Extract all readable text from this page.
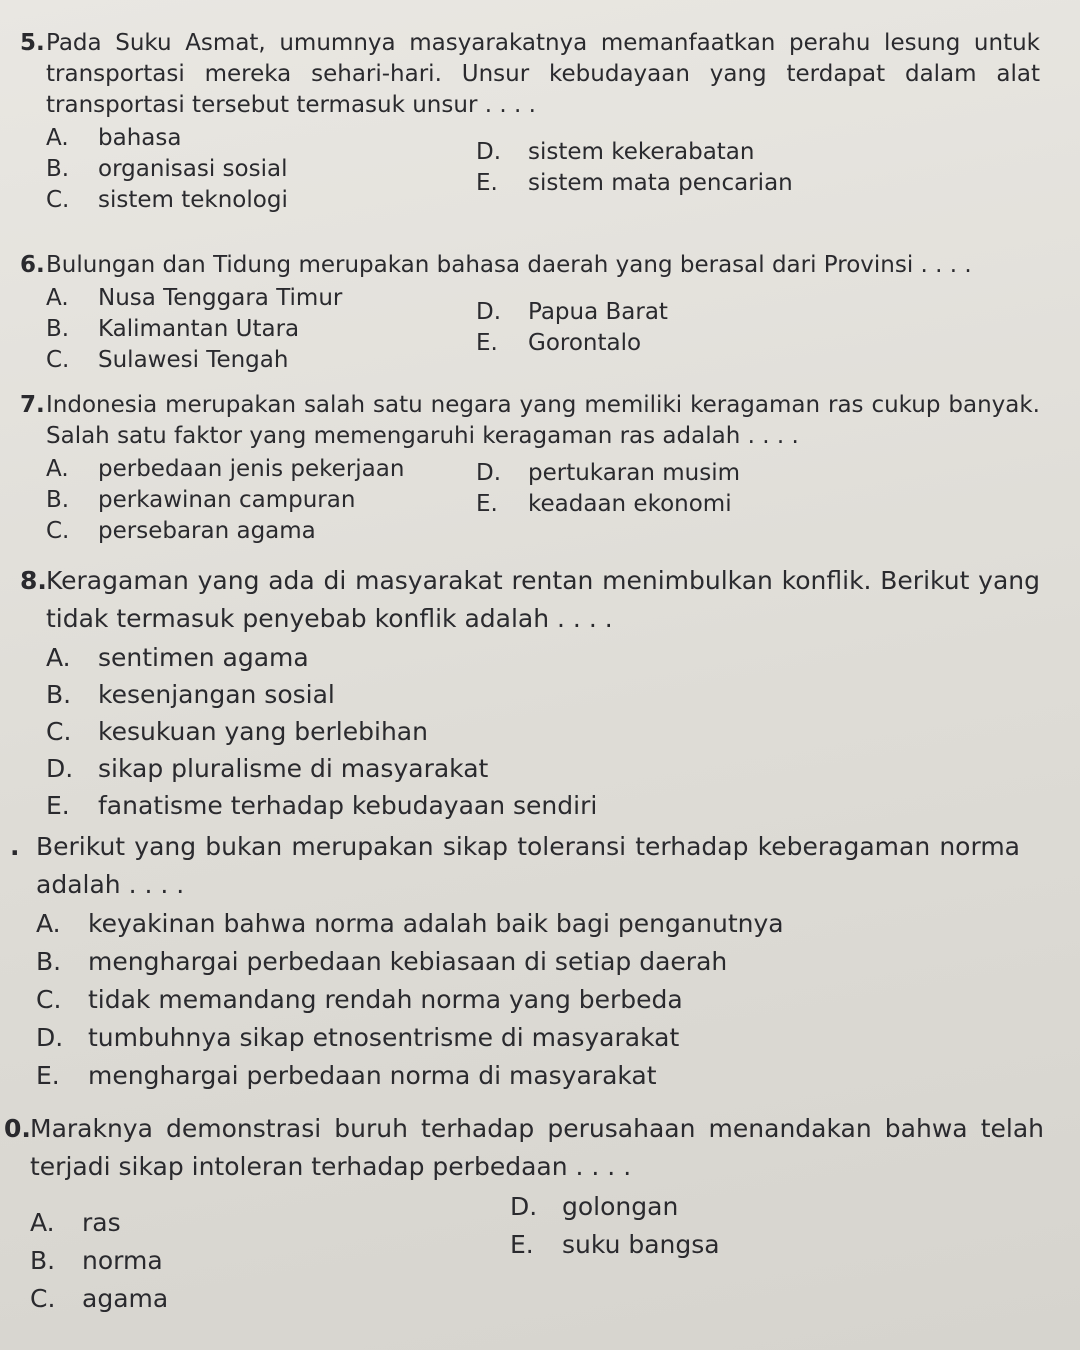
5. Pada Suku Asmat, umumnya masyarakatnya memanfaatkan perahu lesung untuk transportasi mereka sehari-hari. Unsur kebudayaan yang terdapat dalam alat transportasi tersebut termasuk unsur . . . .
A.	bahasa
B.	organisasi sosial
C.	sistem teknologi
D.	sistem kekerabatan
E.	sistem mata pencarian
6. Bulungan dan Tidung merupakan bahasa daerah yang berasal dari Provinsi . . . .
A.	Nusa Tenggara Timur
B.	Kalimantan Utara
C.	Sulawesi Tengah
D.	Papua Barat
E.	Gorontalo
7. Indonesia merupakan salah satu negara yang memiliki keragaman ras cukup banyak. Salah satu faktor yang memengaruhi keragaman ras adalah . . . .
A.	perbedaan jenis pekerjaan
B.	perkawinan campuran
C.	persebaran agama
D.	pertukaran musim
E.	keadaan ekonomi
8. Keragaman yang ada di masyarakat rentan menimbulkan konflik. Berikut yang tidak termasuk penyebab konflik adalah . . . .
A.	sentimen agama
B.	kesenjangan sosial
C.	kesukuan yang berlebihan
D. sikap pluralisme di masyarakat
E.	fanatisme terhadap kebudayaan sendiri
. Berikut yang bukan merupakan sikap toleransi terhadap keberagaman norma adalah . . . .
A.	keyakinan bahwa norma adalah baik bagi penganutnya
B.	menghargai perbedaan kebiasaan di setiap daerah
C.	tidak memandang rendah norma yang berbeda
D. tumbuhnya sikap etnosentrisme di masyarakat
E.	menghargai perbedaan norma di masyarakat
0. Maraknya demonstrasi buruh terhadap perusahaan menandakan bahwa telah terjadi sikap intoleran terhadap perbedaan . . . .
A.	ras
B.	norma
C.	agama
D. golongan
E.	suku bangsa
